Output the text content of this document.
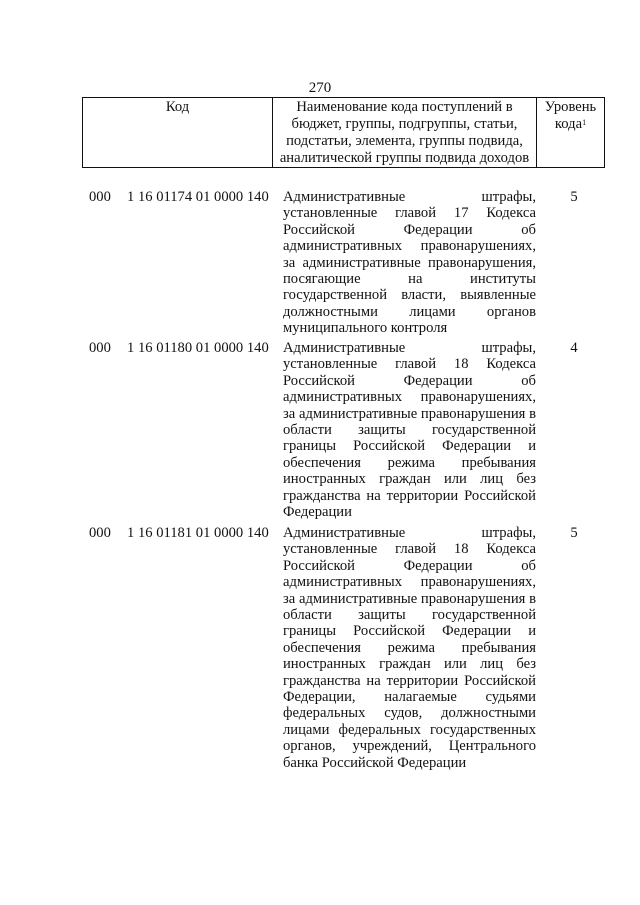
270
Код	Наименование кода поступлений в бюджет, группы, подгруппы, статьи, подстатьи, элемента, группы подвида, аналитической группы подвида доходов	Уровень кода$^1$
000 1 16 01174 01 0000 140 Административные штрафы, установленные главой 17 Кодекса Российской Федерации об административных правонарушениях, за административные правонарушения, посягающие на институты государственной власти, выявленные должностными лицами органов муниципального контроля
5
000 1 16 01180 01 0000 140 Административные штрафы, установленные главой 18 Кодекса Российской Федерации об административных правонарушениях, за административные правонарушения в области защиты государственной границы Российской Федерации и обеспечения режима пребывания иностранных граждан или лиц без гражданства на территории Российской Федерации
4
000 1 16 01181 01 0000 140 Административные штрафы, установленные главой 18 Кодекса Российской Федерации об административных правонарушениях, за административные правонарушения в области защиты государственной границы Российской Федерации и обеспечения режима пребывания иностранных граждан или лиц без гражданства на территории Российской Федерации, налагаемые судьями федеральных судов, должностными лицами федеральных государственных органов, учреждений, Центрального банка Российской Федерации
5
